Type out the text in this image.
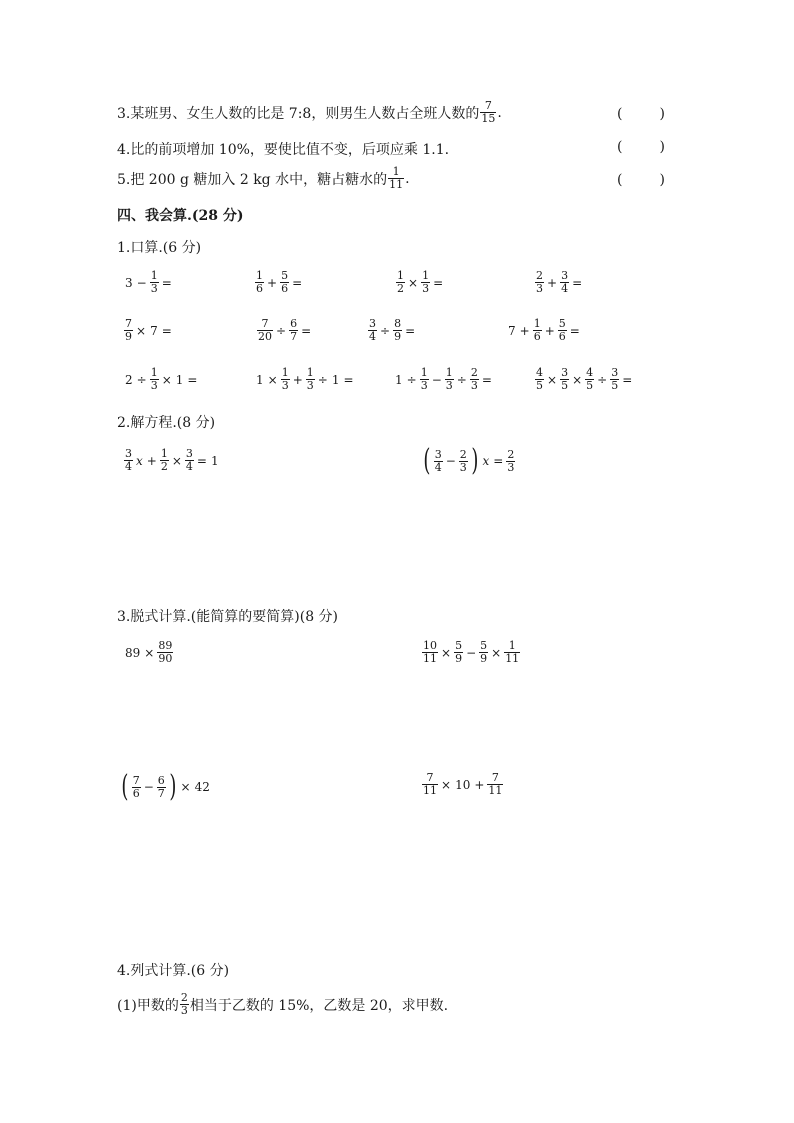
3.某班男、女生人数的比是 7:8，则男生人数占全班人数的 $\frac{7}{15}$ .	(	)
4.比的前项增加 10%，要使比值不变，后项应乘 1.1.	(	)
5.把 200 g 糖加入 2 kg 水中，糖占糖水的 $\frac{1}{11}$ .	(	)
四、我会算.(28 分)
1.口算.(6 分)
$3 - \frac{1}{3}$ =	$\frac{1}{6} + \frac{5}{6}$ =	$\frac{1}{2} \times \frac{1}{3}$ =	$\frac{2}{3} + \frac{3}{4}$ =
$\frac{7}{9} \times 7$ =	$\frac{7}{20} \div \frac{6}{7}$ =	$\frac{3}{4} \div \frac{8}{9}$ =	$7 + \frac{1}{6} + \frac{5}{6}$ =
$2 \div \frac{1}{3} \times 1$ =	$1 \times \frac{1}{3} + \frac{1}{3} \div 1$ =	$1 \div \frac{1}{3} - \frac{1}{3} \div \frac{2}{3}$ =	$\frac{4}{5} \times \frac{3}{5} \times \frac{4}{5} \div \frac{3}{5}$ =
2.解方程.(8 分)
$\frac{3}{4}$ $x + \frac{1}{2} \times \frac{3}{4} = 1$	( $\frac{3}{4} - \frac{2}{3}$ ) $x = \frac{2}{3}$
3.脱式计算.(能简算的要简算)(8 分)
$89 \times \frac{89}{90}$	$\frac{10}{11} \times \frac{5}{9} - \frac{5}{9} \times \frac{1}{11}$
( $\frac{7}{6} - \frac{6}{7}$ ) × 42	$\frac{7}{11} \times 10 + \frac{7}{11}$
4.列式计算.(6 分)
(1)甲数的 $\frac{2}{3}$ 相当于乙数的 15%，乙数是 20，求甲数.
